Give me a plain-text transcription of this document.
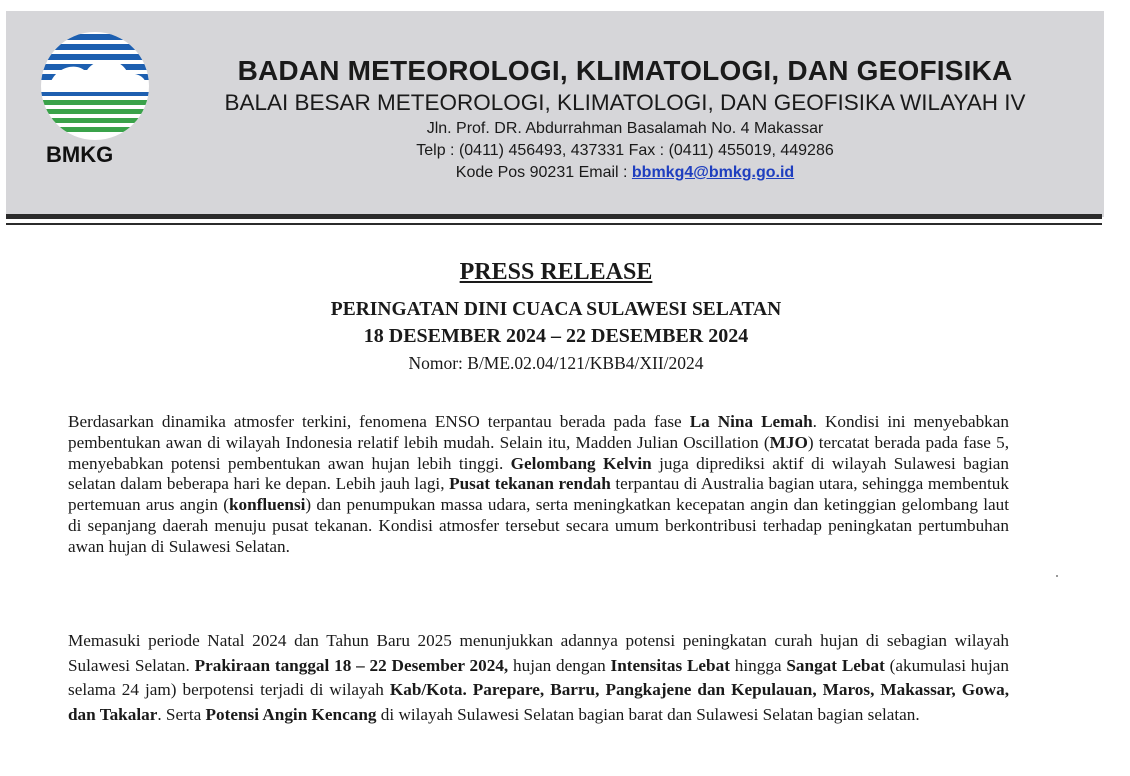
BMKG
BADAN METEOROLOGI, KLIMATOLOGI, DAN GEOFISIKA
BALAI BESAR METEOROLOGI, KLIMATOLOGI, DAN GEOFISIKA WILAYAH IV
Jln. Prof. DR. Abdurrahman Basalamah No. 4 Makassar
Telp : (0411) 456493, 437331 Fax : (0411) 455019, 449286
Kode Pos 90231 Email : bbmkg4@bmkg.go.id
PRESS RELEASE
PERINGATAN DINI CUACA SULAWESI SELATAN
18 DESEMBER 2024 – 22 DESEMBER 2024
Nomor: B/ME.02.04/121/KBB4/XII/2024
Berdasarkan dinamika atmosfer terkini, fenomena ENSO terpantau berada pada fase La Nina Lemah. Kondisi ini menyebabkan pembentukan awan di wilayah Indonesia relatif lebih mudah. Selain itu, Madden Julian Oscillation (MJO) tercatat berada pada fase 5, menyebabkan potensi pembentukan awan hujan lebih tinggi. Gelombang Kelvin juga diprediksi aktif di wilayah Sulawesi bagian selatan dalam beberapa hari ke depan. Lebih jauh lagi, Pusat tekanan rendah terpantau di Australia bagian utara, sehingga membentuk pertemuan arus angin (konfluensi) dan penumpukan massa udara, serta meningkatkan kecepatan angin dan ketinggian gelombang laut di sepanjang daerah menuju pusat tekanan. Kondisi atmosfer tersebut secara umum berkontribusi terhadap peningkatan pertumbuhan awan hujan di Sulawesi Selatan.
Memasuki periode Natal 2024 dan Tahun Baru 2025 menunjukkan adannya potensi peningkatan curah hujan di sebagian wilayah Sulawesi Selatan. Prakiraan tanggal 18 – 22 Desember 2024, hujan dengan Intensitas Lebat hingga Sangat Lebat (akumulasi hujan selama 24 jam) berpotensi terjadi di wilayah Kab/Kota. Parepare, Barru, Pangkajene dan Kepulauan, Maros, Makassar, Gowa, dan Takalar. Serta Potensi Angin Kencang di wilayah Sulawesi Selatan bagian barat dan Sulawesi Selatan bagian selatan.
